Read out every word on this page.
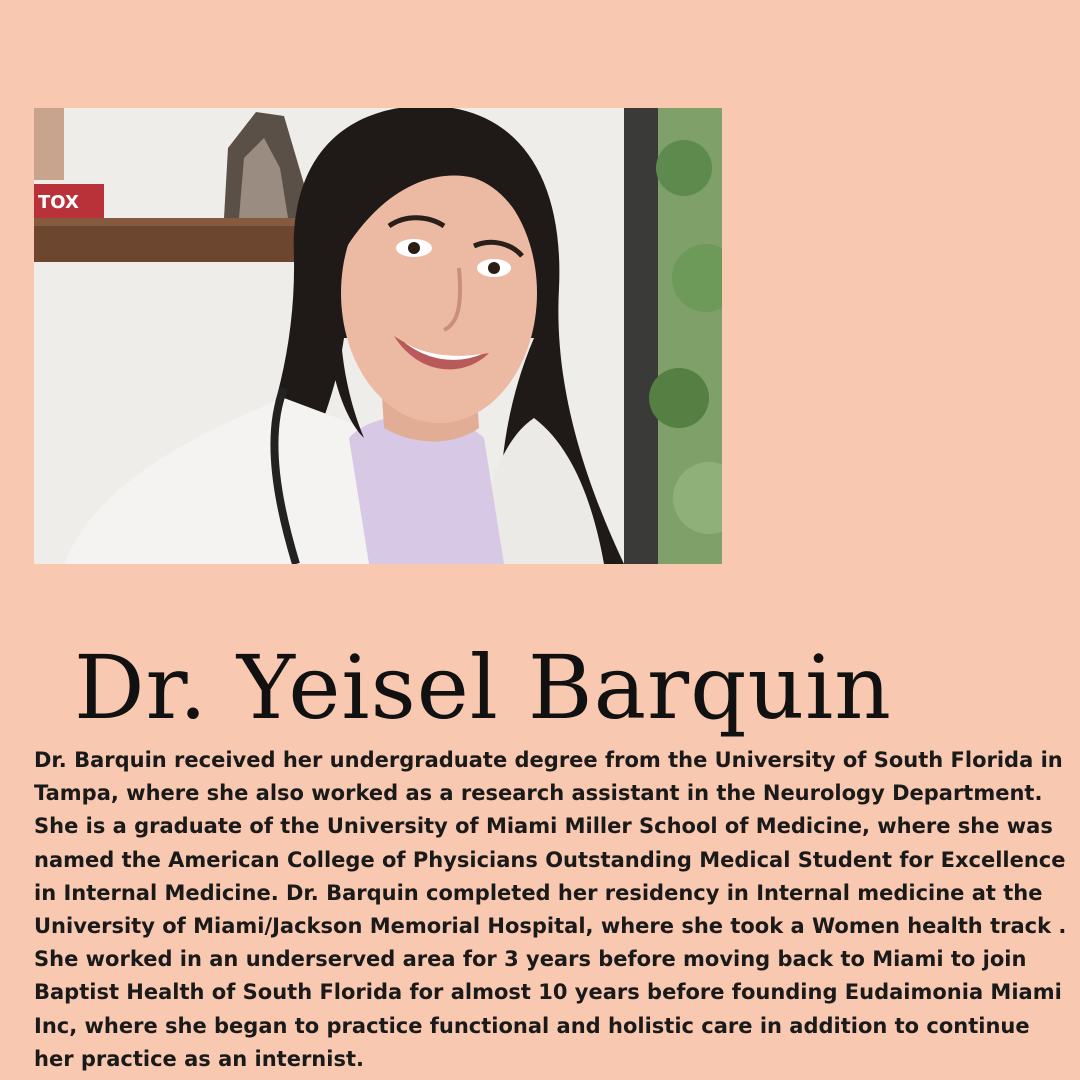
TOX
Dr. Yeisel Barquin

Dr. Barquin received her undergraduate degree from the University of South Florida in Tampa, where she also worked as a research assistant in the Neurology Department. She is a graduate of the University of Miami Miller School of Medicine, where she was named the American College of Physicians Outstanding Medical Student for Excellence in Internal Medicine. Dr. Barquin completed her residency in Internal medicine at the University of Miami/Jackson Memorial Hospital, where she took a Women health track . She worked in an underserved area for 3 years before moving back to Miami to join Baptist Health of South Florida for almost 10 years before founding Eudaimonia Miami Inc, where she began to practice functional and holistic care in addition to continue her practice as an internist.
